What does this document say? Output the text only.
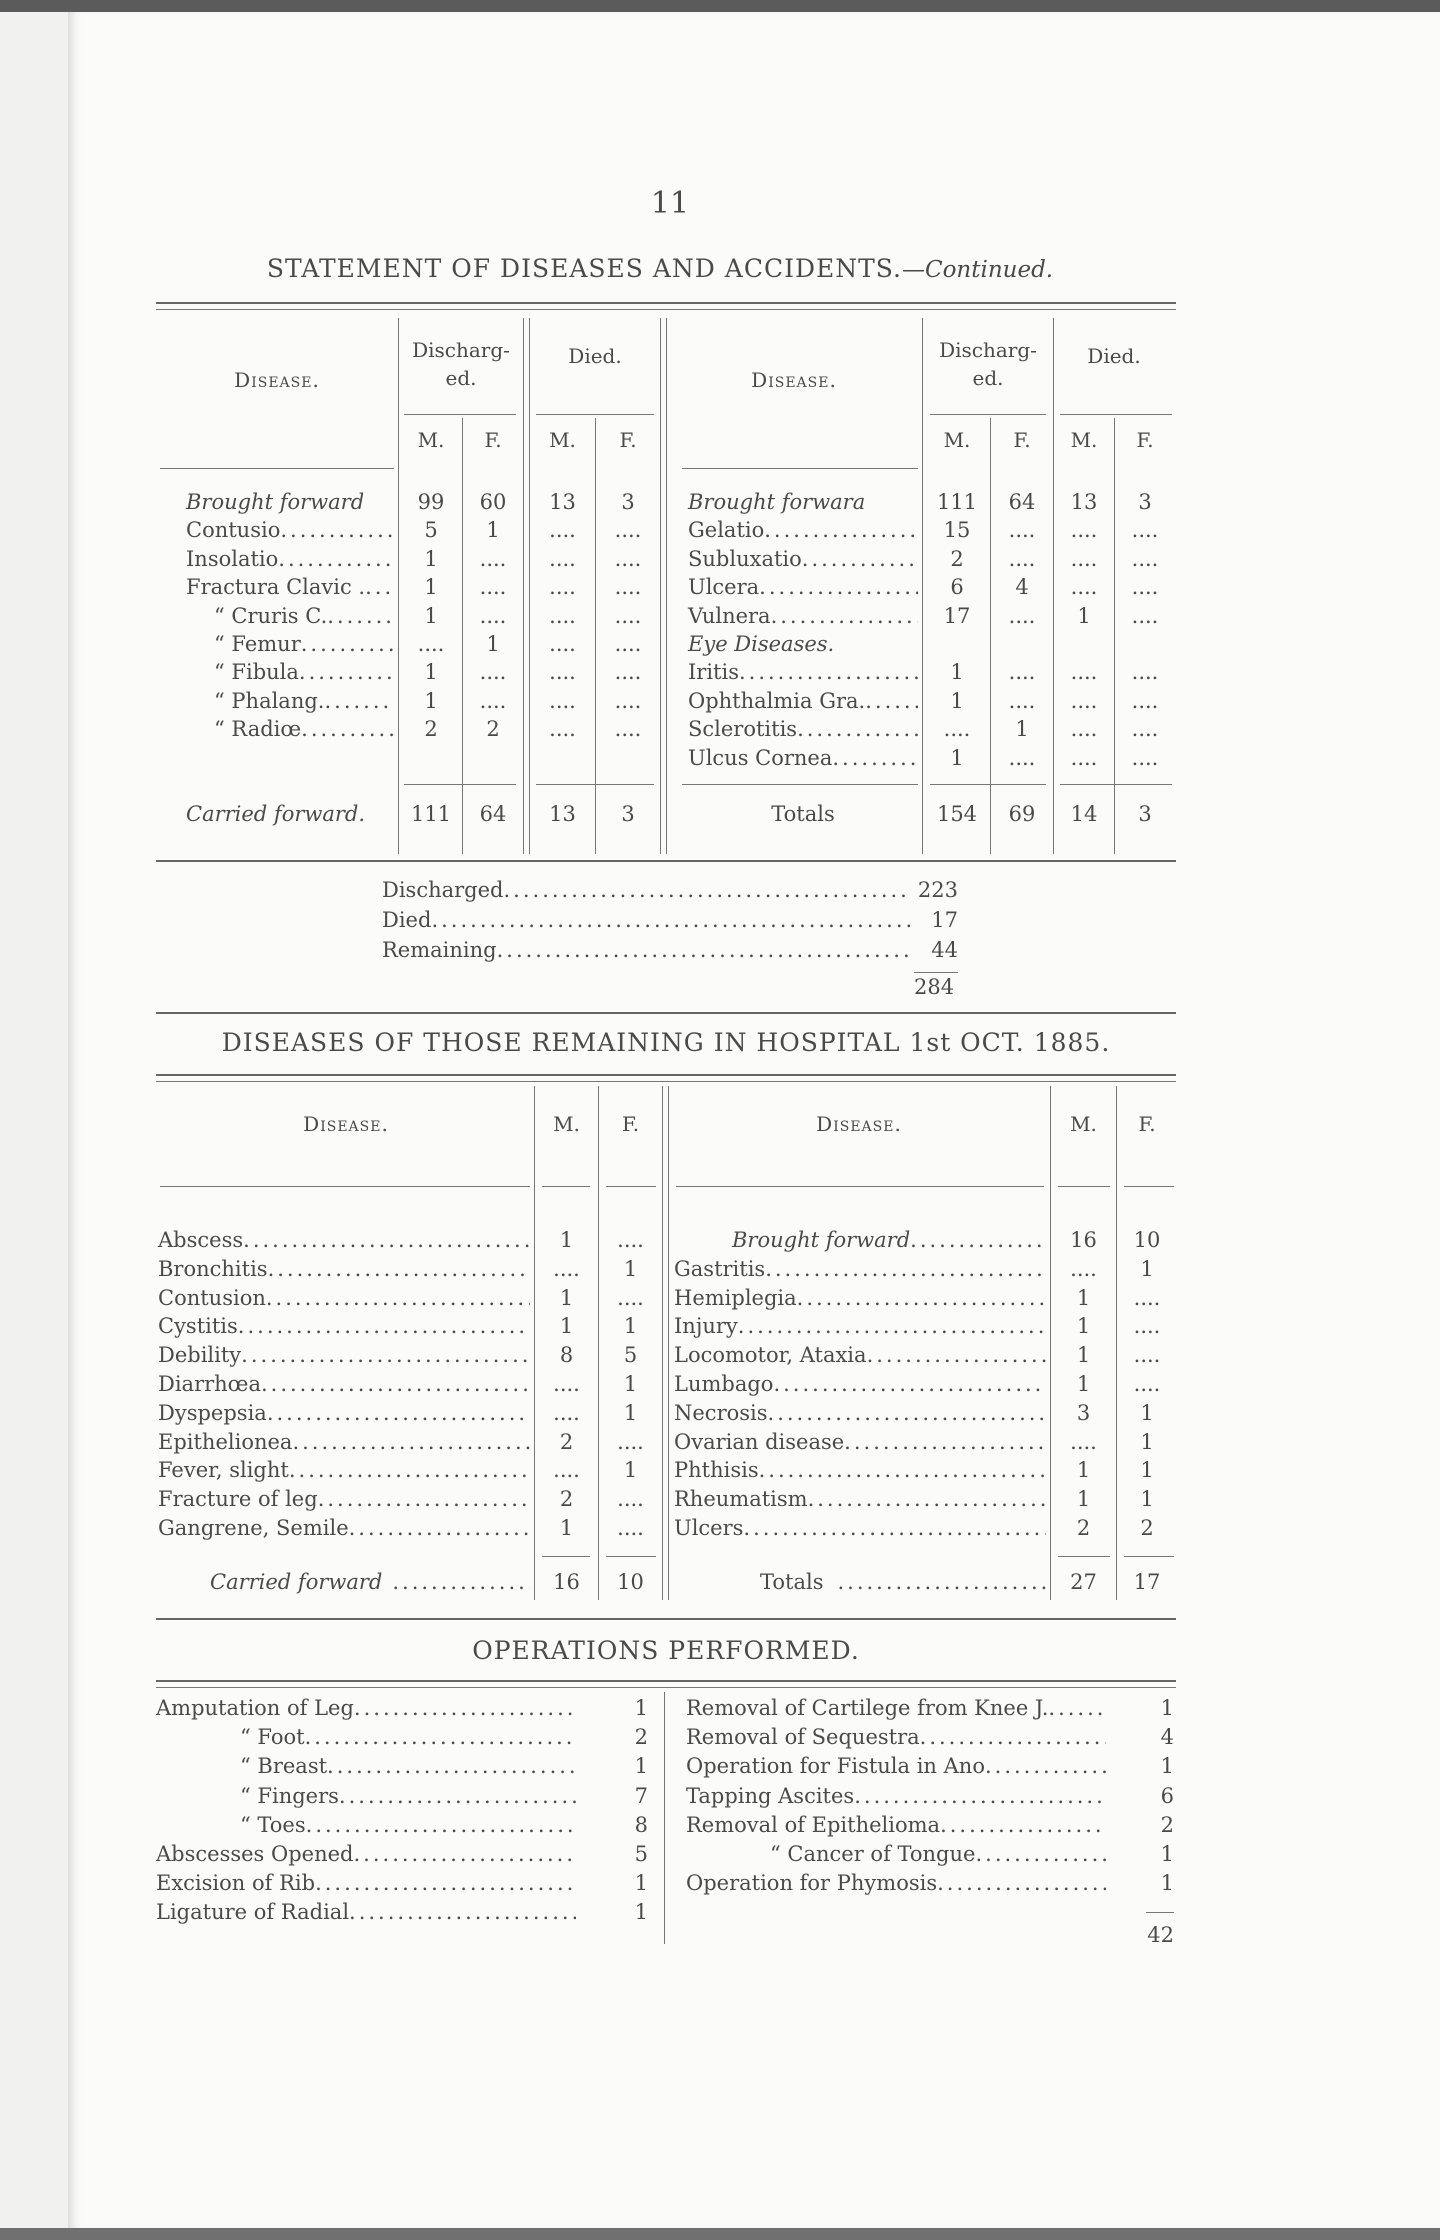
11
STATEMENT OF DISEASES AND ACCIDENTS.—Continued.
Disease.
Discharg-ed.
Died.
Disease.
Discharg-ed.
Died.
M.	F.	M.	F.	M.	F.	M.	F.
Brought forward	99	60	13	3
Contusio .....	5	1	....	....
Insolatio .....	1	....	....	....
Fractura Clavic . .....	1	....	....	....
“ Cruris C. .....	1	....	....	....
“ Femur .....	....	1	....	....
“ Fibula .....	1	....	....	....
“ Phalang. .....	1	....	....	....
“ Radiœ .....	2	2	....	....
Carried forward.	111	64	13	3
Brought forwara	111	64	13	3
Gelatio .....	15	....	....	....
Subluxatio .....	2	....	....	....
Ulcera .....	6	4	....	....
Vulnera .....	17	....	1	....
Eye Diseases.
Iritis .....	1	....	....	....
Ophthalmia Gra. .....	1	....	....	....
Sclerotitis .....	....	1	....	....
Ulcus Cornea .....	1	....	....	....
Totals	154	69	14	3
Discharged .....	223
Died .....	17
Remaining .....	44
284
DISEASES OF THOSE REMAINING IN HOSPITAL 1st OCT. 1885.
Disease.	M.	F.	Disease.	M.	F.
Abscess .....	1	....
Bronchitis .....	....	1
Contusion .....	1	....
Cystitis .....	1	1
Debility .....	8	5
Diarrhœa .....	....	1
Dyspepsia .....	....	1
Epithelionea .....	2	....
Fever, slight .....	....	1
Fracture of leg .....	2	....
Gangrene, Semile .....	1	....
Carried forward .....	16	10
Brought forward .....	16	10
Gastritis .....	....	1
Hemiplegia .....	1	....
Injury .....	1	....
Locomotor, Ataxia .....	1	....
Lumbago .....	1	....
Necrosis .....	3	1
Ovarian disease .....	....	1
Phthisis .....	1	1
Rheumatism .....	1	1
Ulcers .....	2	2
Totals .....	27	17
OPERATIONS PERFORMED.
Amputation of Leg .....	1
“ Foot .....	2
“ Breast .....	1
“ Fingers .....	7
“ Toes .....	8
Abscesses Opened .....	5
Excision of Rib .....	1
Ligature of Radial .....	1
Removal of Cartilege from Knee J. .....	1
Removal of Sequestra .....	4
Operation for Fistula in Ano .....	1
Tapping Ascites .....	6
Removal of Epithelioma .....	2
“ Cancer of Tongue .....	1
Operation for Phymosis .....	1
42
